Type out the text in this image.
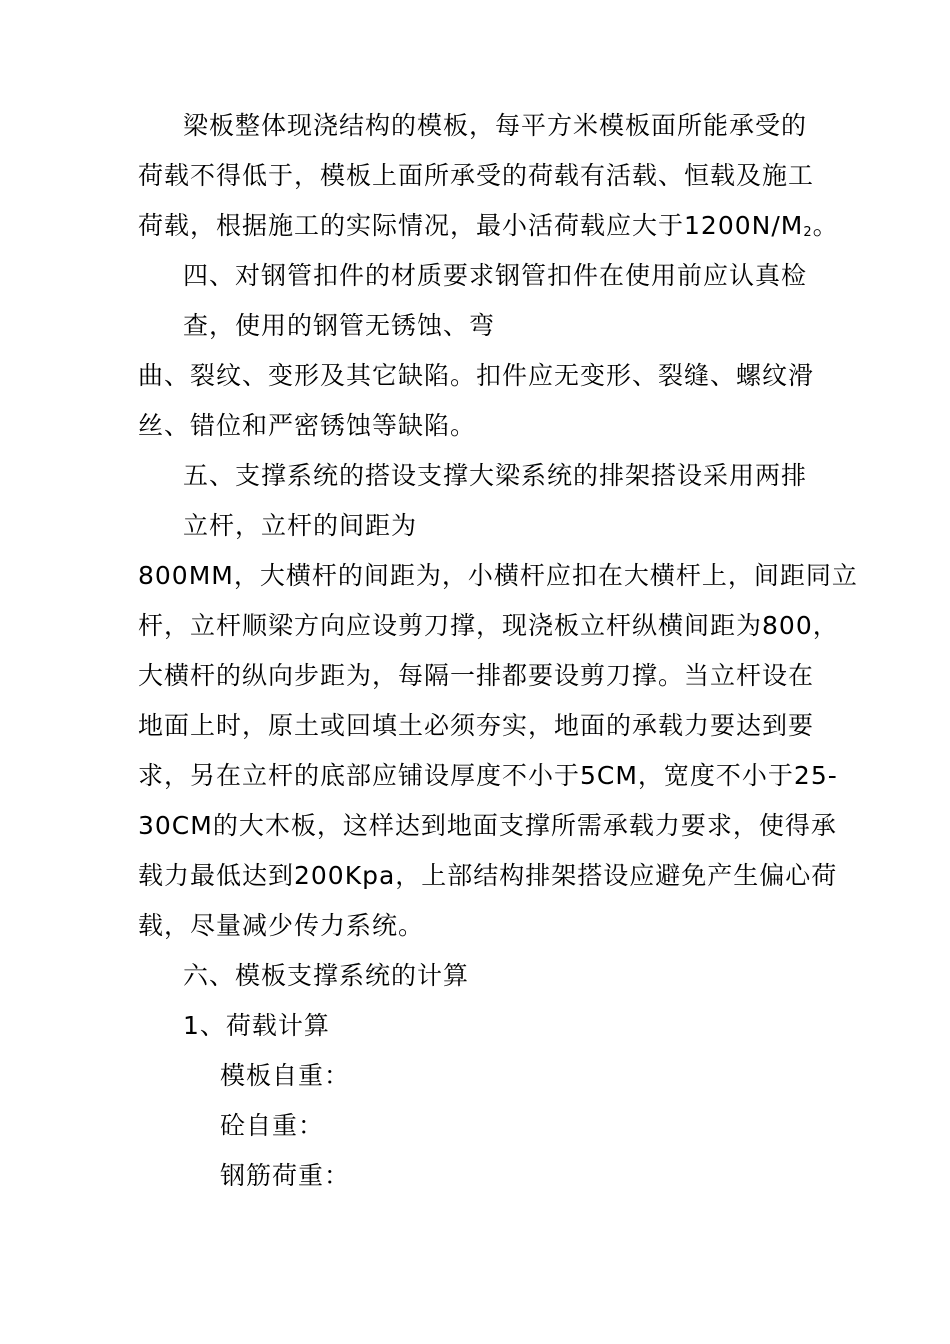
梁板整体现浇结构的模板，每平方米模板面所能承受的
荷载不得低于，模板上面所承受的荷载有活载、恒载及施工
荷载，根据施工的实际情况，最小活荷载应大于$1200N/M_2$。
四、对钢管扣件的材质要求钢管扣件在使用前应认真检
查，使用的钢管无锈蚀、弯
曲、裂纹、变形及其它缺陷。扣件应无变形、裂缝、螺纹滑
丝、错位和严密锈蚀等缺陷。
五、支撑系统的搭设支撑大梁系统的排架搭设采用两排
立杆，立杆的间距为
800MM，大横杆的间距为，小横杆应扣在大横杆上，间距同立
杆，立杆顺梁方向应设剪刀撑，现浇板立杆纵横间距为800，
大横杆的纵向步距为，每隔一排都要设剪刀撑。当立杆设在
地面上时，原土或回填土必须夯实，地面的承载力要达到要
求，另在立杆的底部应铺设厚度不小于5CM，宽度不小于25-
30CM的大木板，这样达到地面支撑所需承载力要求，使得承
载力最低达到200Kpa，上部结构排架搭设应避免产生偏心荷
载，尽量减少传力系统。
六、模板支撑系统的计算
1、荷载计算
模板自重：
砼自重：
钢筋荷重：
